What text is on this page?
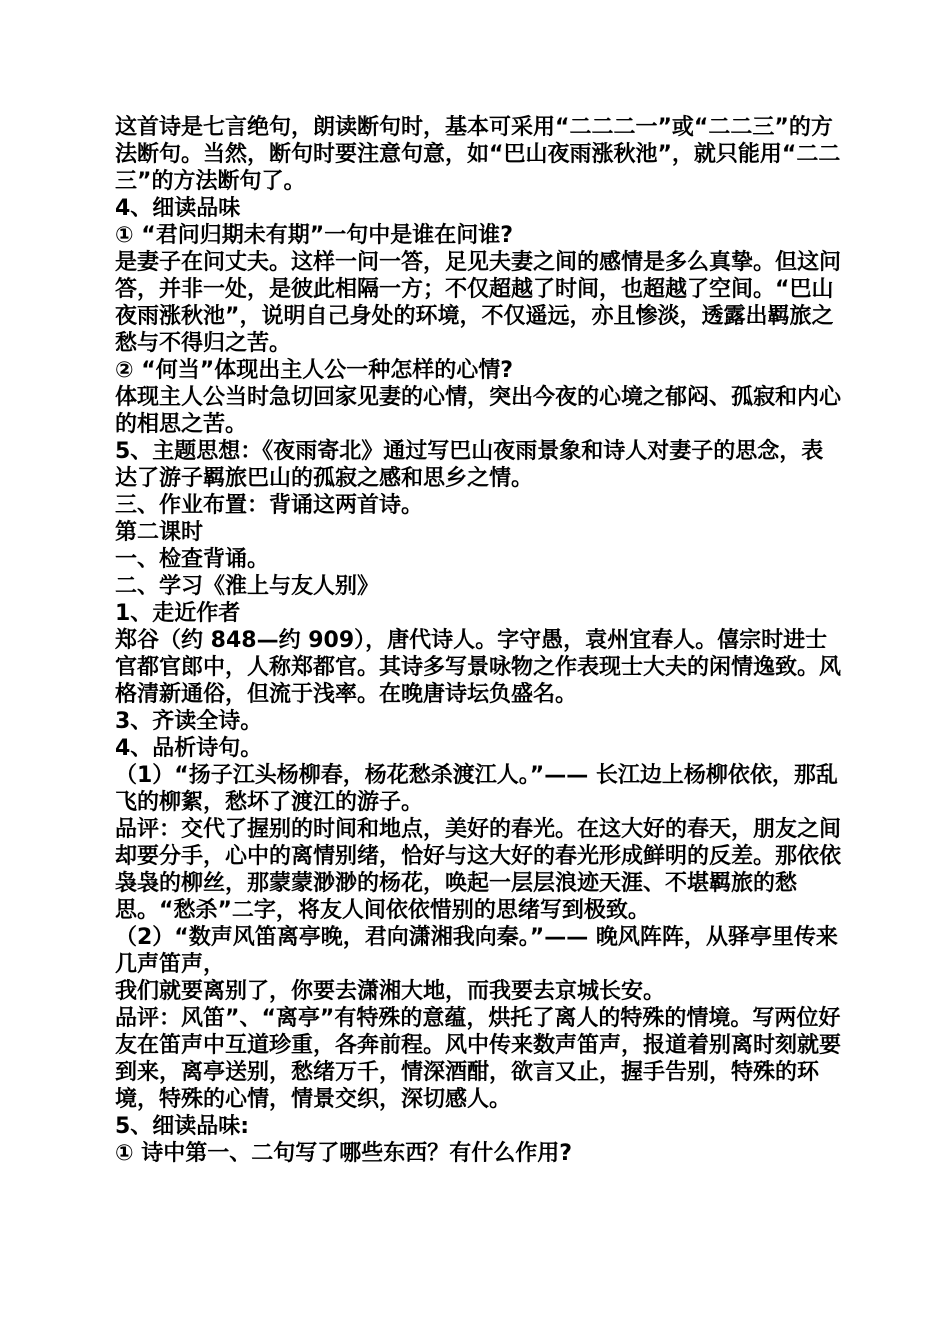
这首诗是七言绝句，朗读断句时，基本可采用“二二二一”或“二二三”的方法断句。当然，断句时要注意句意，如“巴山夜雨涨秋池”，就只能用“二二三”的方法断句了。

4、细读品味

① “君问归期未有期”一句中是谁在问谁?

是妻子在问丈夫。这样一问一答，足见夫妻之间的感情是多么真挚。但这问答，并非一处，是彼此相隔一方；不仅超越了时间，也超越了空间。“巴山夜雨涨秋池”，说明自己身处的环境，不仅遥远，亦且惨淡，透露出羁旅之愁与不得归之苦。

② “何当”体现出主人公一种怎样的心情?

体现主人公当时急切回家见妻的心情，突出今夜的心境之郁闷、孤寂和内心的相思之苦。

5、主题思想：《夜雨寄北》通过写巴山夜雨景象和诗人对妻子的思念，表达了游子羁旅巴山的孤寂之感和思乡之情。

三、作业布置：背诵这两首诗。

第二课时

一、检查背诵。

二、学习《淮上与友人别》

1、走近作者

郑谷（约 848—约 909），唐代诗人。字守愚，袁州宜春人。僖宗时进士官都官郎中，人称郑都官。其诗多写景咏物之作表现士大夫的闲情逸致。风格清新通俗，但流于浅率。在晚唐诗坛负盛名。

3、齐读全诗。

4、品析诗句。

（1）“扬子江头杨柳春，杨花愁杀渡江人。”—— 长江边上杨柳依依，那乱飞的柳絮，愁坏了渡江的游子。

品评：交代了握别的时间和地点，美好的春光。在这大好的春天，朋友之间却要分手，心中的离情别绪，恰好与这大好的春光形成鲜明的反差。那依依袅袅的柳丝，那蒙蒙渺渺的杨花，唤起一层层浪迹天涯、不堪羁旅的愁思。“愁杀”二字，将友人间依依惜别的思绪写到极致。

（2）“数声风笛离亭晚，君向潇湘我向秦。”—— 晚风阵阵，从驿亭里传来几声笛声，

我们就要离别了，你要去潇湘大地，而我要去京城长安。

品评：风笛”、“离亭”有特殊的意蕴，烘托了离人的特殊的情境。写两位好友在笛声中互道珍重，各奔前程。风中传来数声笛声，报道着别离时刻就要到来，离亭送别，愁绪万千，情深酒酣，欲言又止，握手告别，特殊的环境，特殊的心情，情景交织，深切感人。

5、细读品味:

① 诗中第一、二句写了哪些东西？有什么作用?
